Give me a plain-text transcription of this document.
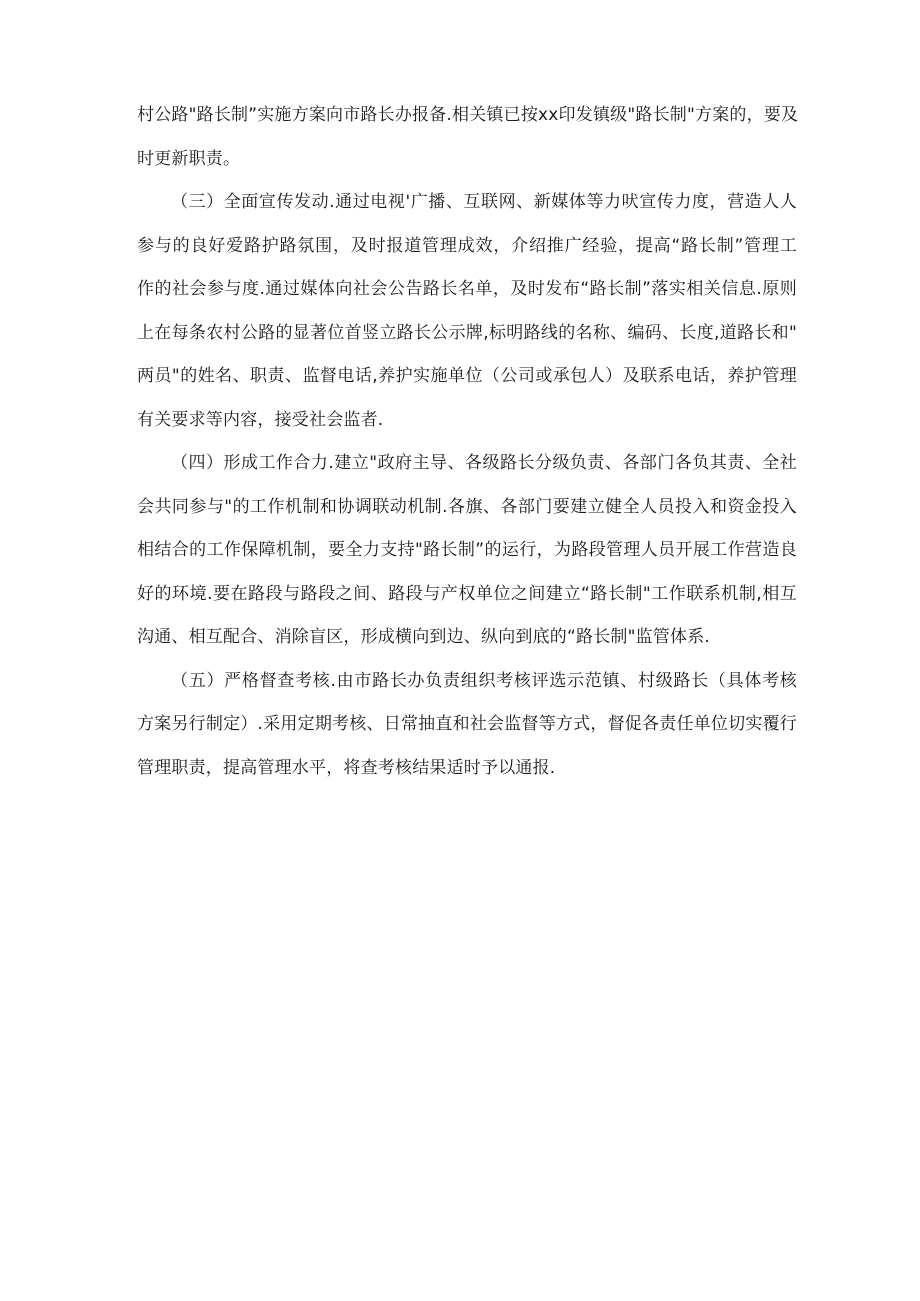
村公路"路长制”实施方案向市路长办报备.相关镇已按xx印发镇级"路长制"方案的，要及
时更新职责。
（三）全面宣传发动.通过电视'广播、互联网、新媒体等力吠宣传力度，营造人人
参与的良好爱路护路氛围，及时报道管理成效，介绍推广经验，提高“路长制”管理工
作的社会参与度.通过媒体向社会公告路长名单，及时发布“路长制”落实相关信息.原则
上在每条农村公路的显著位首竖立路长公示牌,标明路线的名称、编码、长度,道路长和"
两员"的姓名、职责、监督电话,养护实施单位（公司或承包人）及联系电话，养护管理
有关要求等内容，接受社会监者.
（四）形成工作合力.建立"政府主导、各级路长分级负责、各部门各负其责、全社
会共同参与"的工作机制和协调联动机制.各旗、各部门要建立健全人员投入和资金投入
相结合的工作保障机制，要全力支持"路长制”的运行，为路段管理人员开展工作营造良
好的环境.要在路段与路段之间、路段与产权单位之间建立“路长制"工作联系机制,相互
沟通、相互配合、消除盲区，形成横向到边、纵向到底的“路长制"监管体系.
（五）严格督查考核.由市路长办负责组织考核评选示范镇、村级路长（具体考核
方案另行制定）.采用定期考核、日常抽直和社会监督等方式，督促各责任单位切实覆行
管理职责，提高管理水平，将查考核结果适时予以通报.
